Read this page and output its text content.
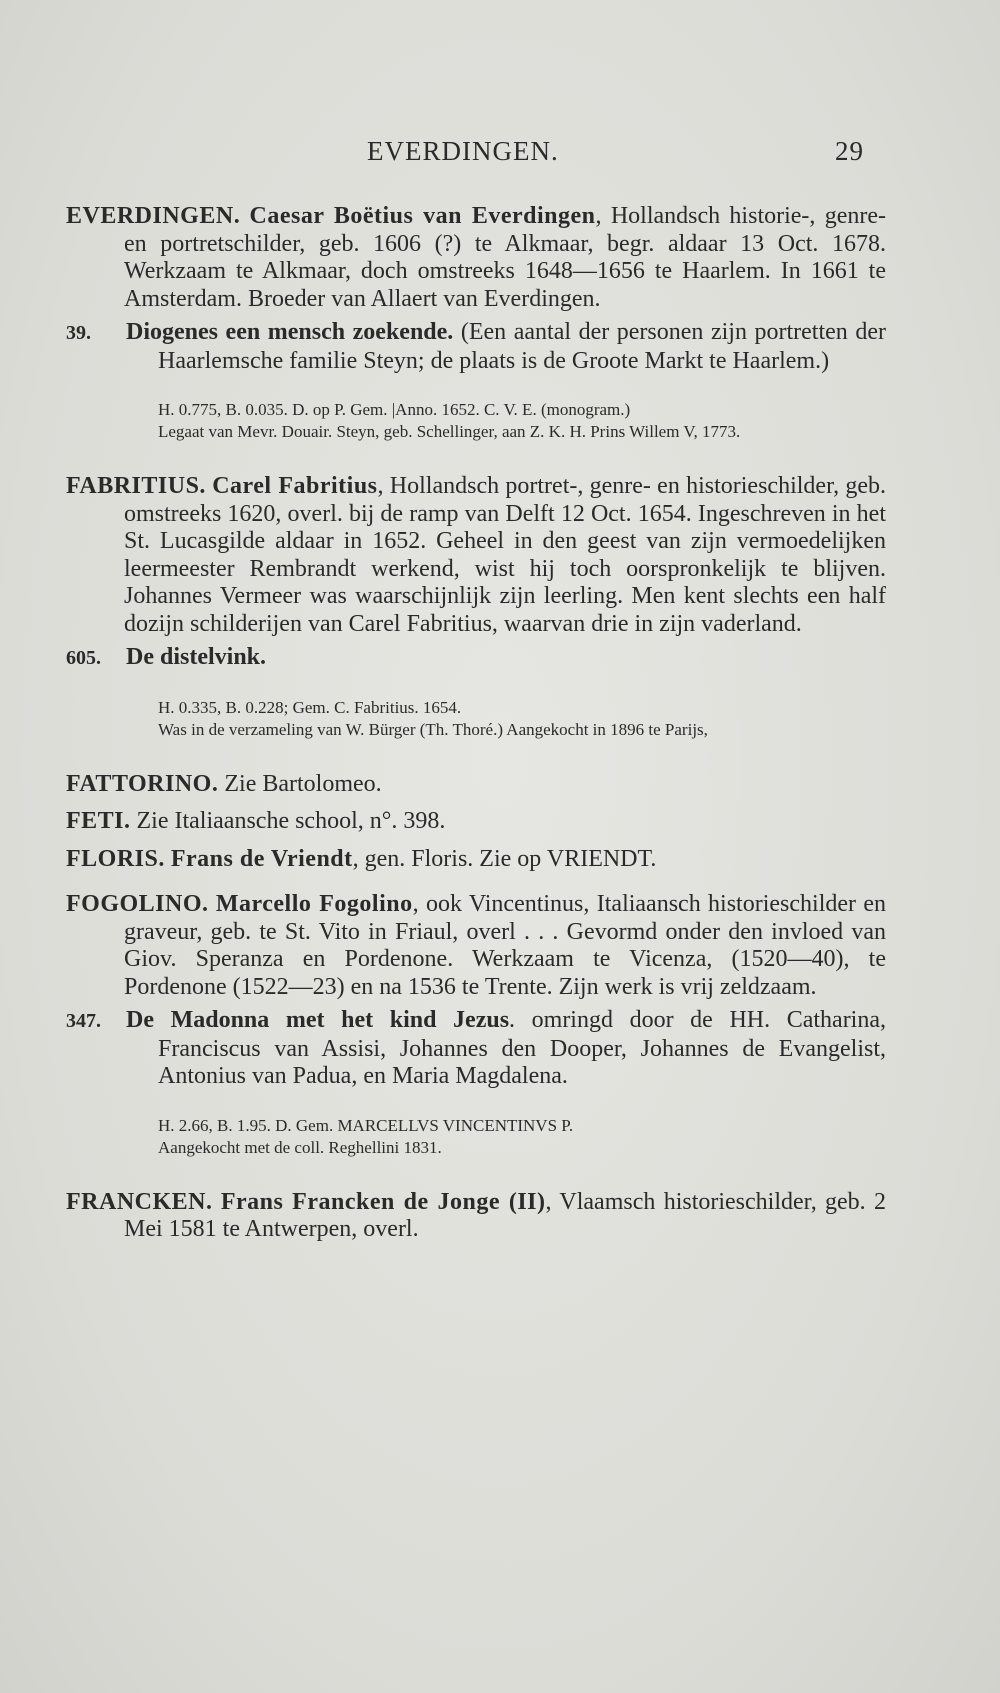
EVERDINGEN.	29

EVERDINGEN. Caesar Boëtius van Everdingen, Hollandsch historie-, genre- en portretschilder, geb. 1606 (?) te Alkmaar, begr. aldaar 13 Oct. 1678. Werkzaam te Alkmaar, doch omstreeks 1648—1656 te Haarlem. In 1661 te Amsterdam. Broeder van Allaert van Everdingen.

39. Diogenes een mensch zoekende. (Een aantal der personen zijn portretten der Haarlemsche familie Steyn; de plaats is de Groote Markt te Haarlem.)

H. 0.775, B. 0.035. D. op P. Gem. |Anno. 1652. C. V. E. (monogram.)
Legaat van Mevr. Douair. Steyn, geb. Schellinger, aan Z. K. H. Prins Willem V, 1773.

FABRITIUS. Carel Fabritius, Hollandsch portret-, genre- en historieschilder, geb. omstreeks 1620, overl. bij de ramp van Delft 12 Oct. 1654. Ingeschreven in het St. Lucasgilde aldaar in 1652. Geheel in den geest van zijn vermoedelijken leermeester Rembrandt werkend, wist hij toch oorspronkelijk te blijven. Johannes Vermeer was waarschijnlijk zijn leerling. Men kent slechts een half dozijn schilderijen van Carel Fabritius, waarvan drie in zijn vaderland.

605. De distelvink.

H. 0.335, B. 0.228; Gem. C. Fabritius. 1654.
Was in de verzameling van W. Bürger (Th. Thoré.) Aangekocht in 1896 te Parijs,

FATTORINO. Zie Bartolomeo.

FETI. Zie Italiaansche school, n°. 398.

FLORIS. Frans de Vriendt, gen. Floris. Zie op VRIENDT.

FOGOLINO. Marcello Fogolino, ook Vincentinus, Italiaansch historieschilder en graveur, geb. te St. Vito in Friaul, overl . . . Gevormd onder den invloed van Giov. Speranza en Pordenone. Werkzaam te Vicenza, (1520—40), te Pordenone (1522—23) en na 1536 te Trente. Zijn werk is vrij zeldzaam.

347. De Madonna met het kind Jezus. omringd door de HH. Catharina, Franciscus van Assisi, Johannes den Dooper, Johannes de Evangelist, Antonius van Padua, en Maria Magdalena.

H. 2.66, B. 1.95. D. Gem. MARCELLVS VINCENTINVS P.
Aangekocht met de coll. Reghellini 1831.

FRANCKEN. Frans Francken de Jonge (II), Vlaamsch historieschilder, geb. 2 Mei 1581 te Antwerpen, overl.
